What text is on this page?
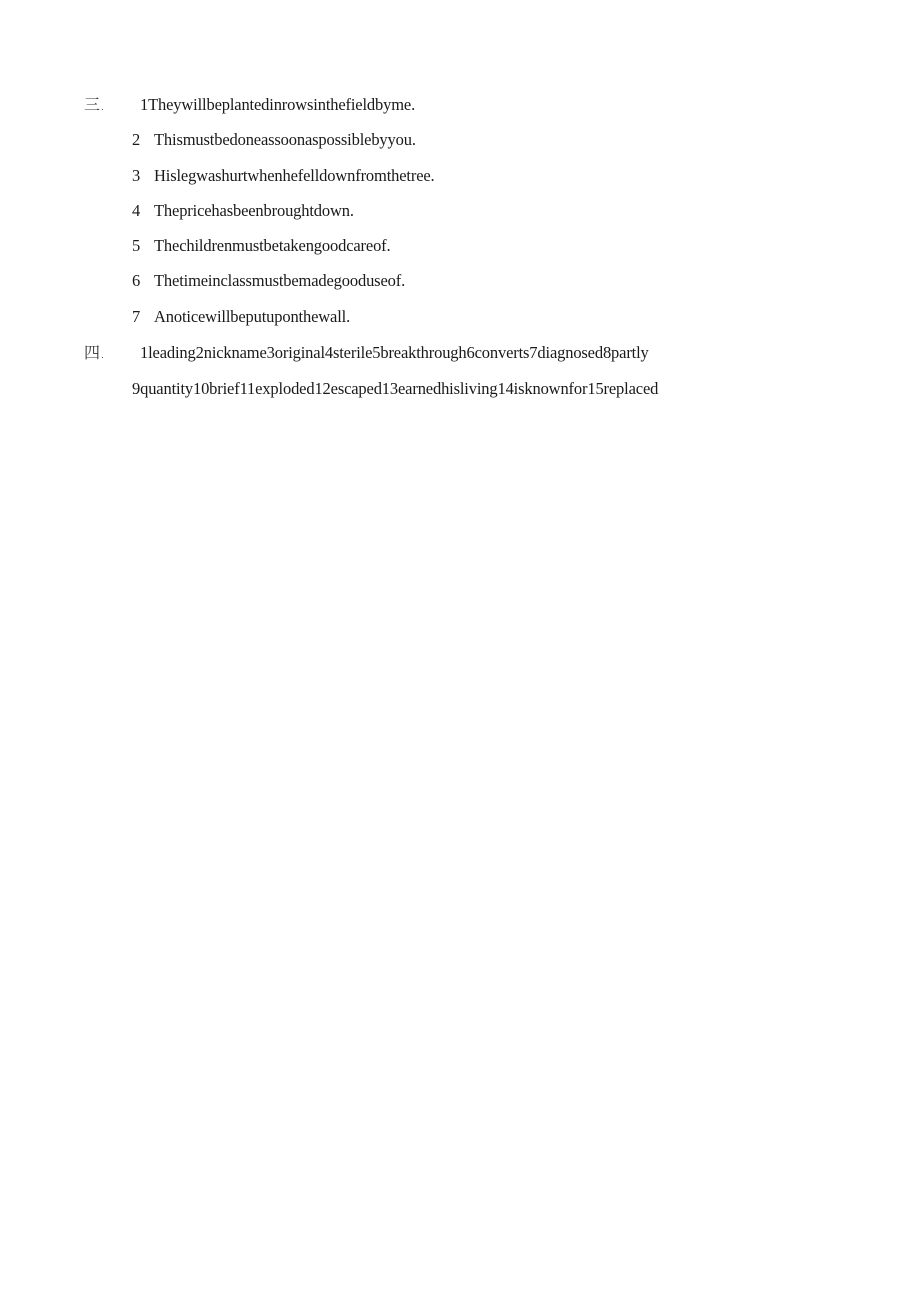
三. 1Theywillbeplantedinrowsinthefieldbyme.
2 Thismustbedoneassoonaspossiblebyyou.
3 Hislegwashurtwhenhefelldownfromthetree.
4 Thepricehasbeenbroughtdown.
5 Thechildrenmustbetakengoodcareof.
6 Thetimeinclassmustbemadegooduseof.
7 Anoticewillbeputuponthewall.
四. 1leading2nickname3original4sterile5breakthrough6converts7diagnosed8partly
9quantity10brief11exploded12escaped13earnedhisliving14isknownfor15replaced
